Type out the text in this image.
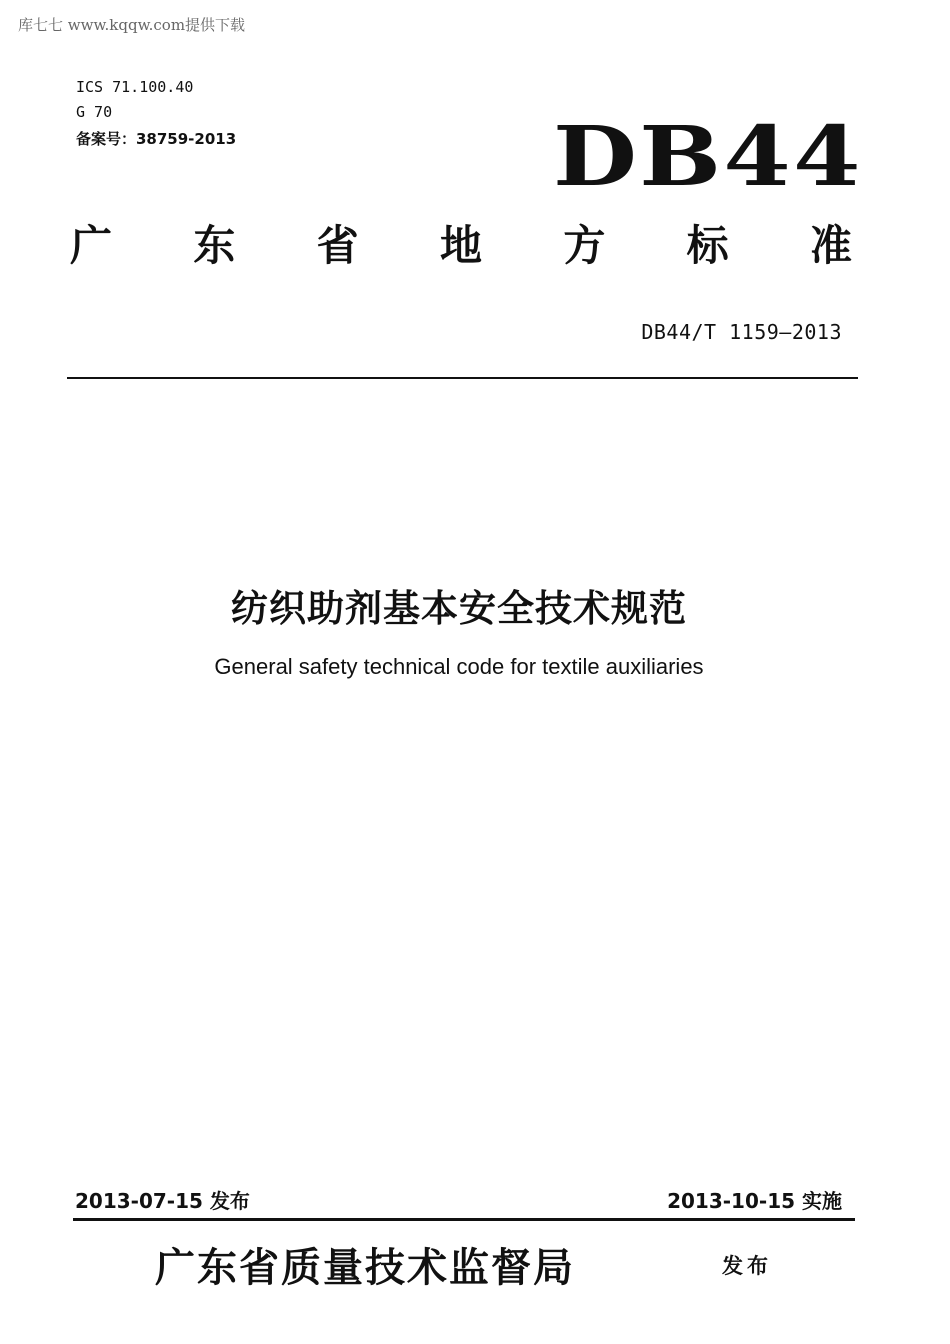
库七七 www.kqqw.com提供下载
ICS 71.100.40
G 70
备案号：38759-2013	DB44
广 东 省 地 方 标 准
DB44/T 1159—2013
纺织助剂基本安全技术规范
General safety technical code for textile auxiliaries
2013-07-15 发布	2013-10-15 实施
广东省质量技术监督局	发布
